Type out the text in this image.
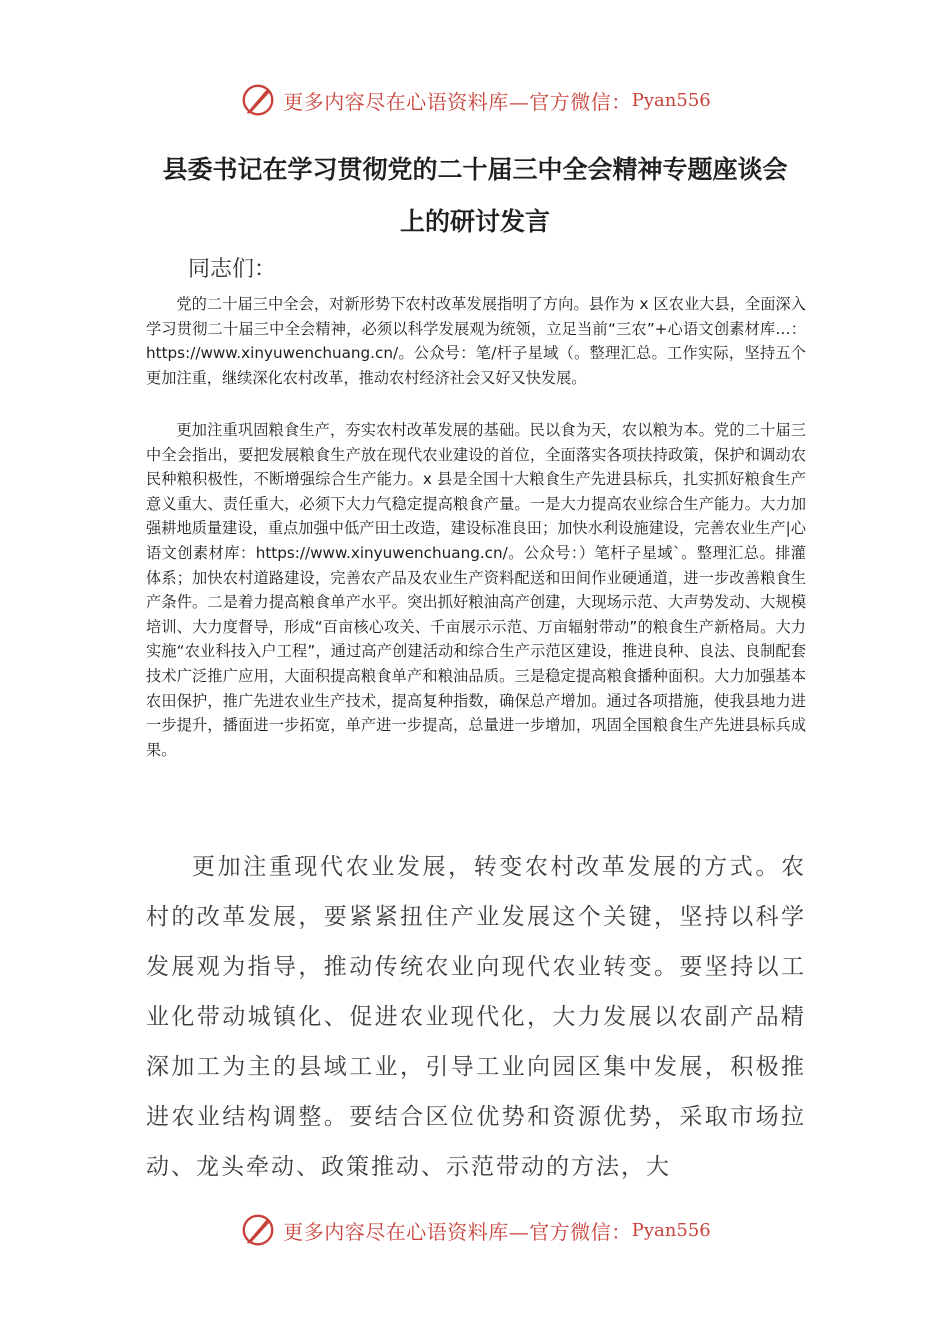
更多内容尽在心语资料库—官方微信： Pyan556
县委书记在学习贯彻党的二十届三中全会精神专题座谈会
上的研讨发言
同志们：

党的二十届三中全会，对新形势下农村改革发展指明了方向。县作为 x 区农业大县，全面深入学习贯彻二十届三中全会精神，必须以科学发展观为统领，立足当前“三农”+心语文创素材库…：https://www.xinyuwenchuang.cn/。公众号：笔/杆子星域（。整理汇总。工作实际，坚持五个更加注重，继续深化农村改革，推动农村经济社会又好又快发展。

更加注重巩固粮食生产，夯实农村改革发展的基础。民以食为天，农以粮为本。党的二十届三中全会指出，要把发展粮食生产放在现代农业建设的首位，全面落实各项扶持政策，保护和调动农民种粮积极性，不断增强综合生产能力。x 县是全国十大粮食生产先进县标兵，扎实抓好粮食生产意义重大、责任重大，必须下大力气稳定提高粮食产量。一是大力提高农业综合生产能力。大力加强耕地质量建设，重点加强中低产田土改造，建设标准良田；加快水利设施建设，完善农业生产|心语文创素材库：https://www.xinyuwenchuang.cn/。公众号：）笔杆子星域`。整理汇总。排灌体系；加快农村道路建设，完善农产品及农业生产资料配送和田间作业硬通道，进一步改善粮食生产条件。二是着力提高粮食单产水平。突出抓好粮油高产创建，大现场示范、大声势发动、大规模培训、大力度督导，形成“百亩核心攻关、千亩展示示范、万亩辐射带动”的粮食生产新格局。大力实施“农业科技入户工程”，通过高产创建活动和综合生产示范区建设，推进良种、良法、良制配套技术广泛推广应用，大面积提高粮食单产和粮油品质。三是稳定提高粮食播种面积。大力加强基本农田保护，推广先进农业生产技术，提高复种指数，确保总产增加。通过各项措施，使我县地力进一步提升，播面进一步拓宽，单产进一步提高，总量进一步增加，巩固全国粮食生产先进县标兵成果。

更加注重现代农业发展，转变农村改革发展的方式。农村的改革发展，要紧紧扭住产业发展这个关键，坚持以科学发展观为指导，推动传统农业向现代农业转变。要坚持以工业化带动城镇化、促进农业现代化，大力发展以农副产品精深加工为主的县域工业，引导工业向园区集中发展，积极推进农业结构调整。要结合区位优势和资源优势，采取市场拉动、龙头牵动、政策推动、示范带动的方法，大

更多内容尽在心语资料库—官方微信： Pyan556
